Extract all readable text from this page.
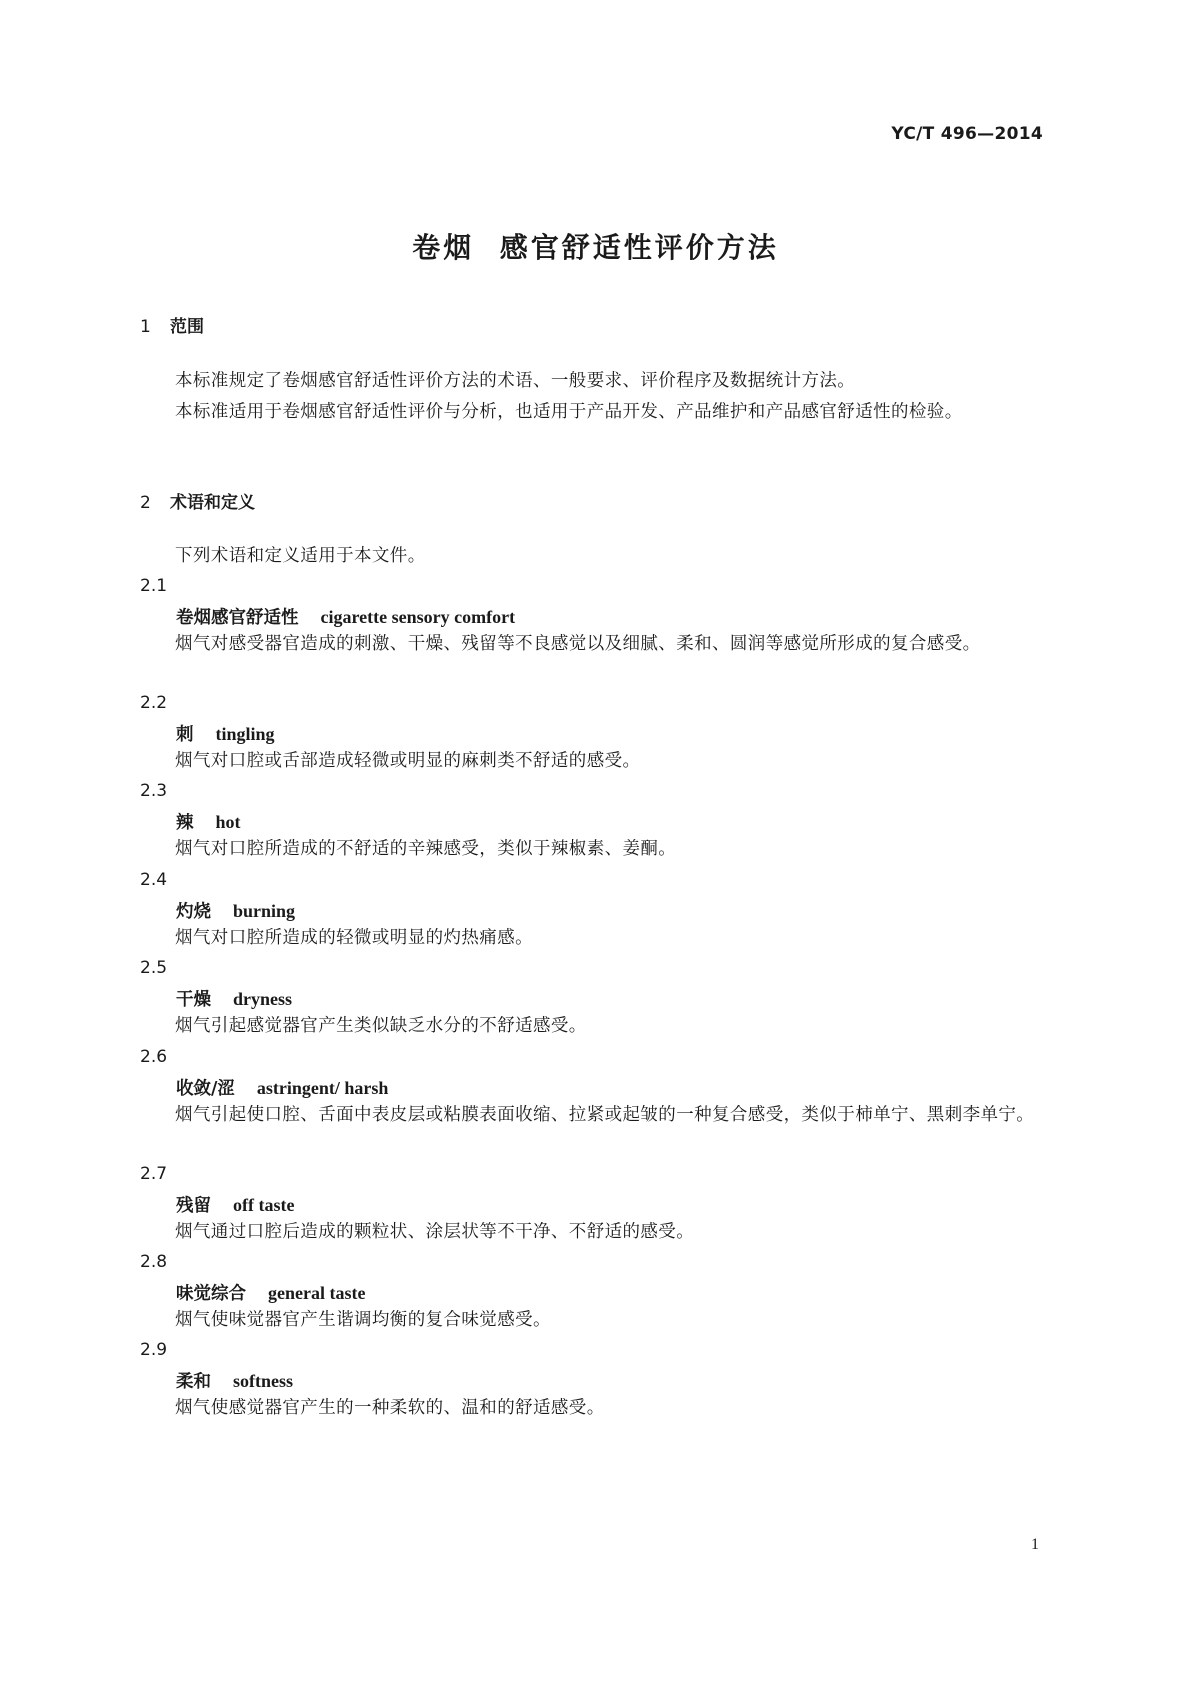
YC/T 496—2014
卷烟  感官舒适性评价方法
1 范围
本标准规定了卷烟感官舒适性评价方法的术语、一般要求、评价程序及数据统计方法。
本标准适用于卷烟感官舒适性评价与分析，也适用于产品开发、产品维护和产品感官舒适性的检验。
2 术语和定义
下列术语和定义适用于本文件。
2.1
卷烟感官舒适性 cigarette sensory comfort
烟气对感受器官造成的刺激、干燥、残留等不良感觉以及细腻、柔和、圆润等感觉所形成的复合感受。
2.2
刺 tingling
烟气对口腔或舌部造成轻微或明显的麻刺类不舒适的感受。
2.3
辣 hot
烟气对口腔所造成的不舒适的辛辣感受，类似于辣椒素、姜酮。
2.4
灼烧 burning
烟气对口腔所造成的轻微或明显的灼热痛感。
2.5
干燥 dryness
烟气引起感觉器官产生类似缺乏水分的不舒适感受。
2.6
收敛/涩 astringent/ harsh
烟气引起使口腔、舌面中表皮层或粘膜表面收缩、拉紧或起皱的一种复合感受，类似于柿单宁、黑刺李单宁。
2.7
残留 off taste
烟气通过口腔后造成的颗粒状、涂层状等不干净、不舒适的感受。
2.8
味觉综合 general taste
烟气使味觉器官产生谐调均衡的复合味觉感受。
2.9
柔和 softness
烟气使感觉器官产生的一种柔软的、温和的舒适感受。
1
